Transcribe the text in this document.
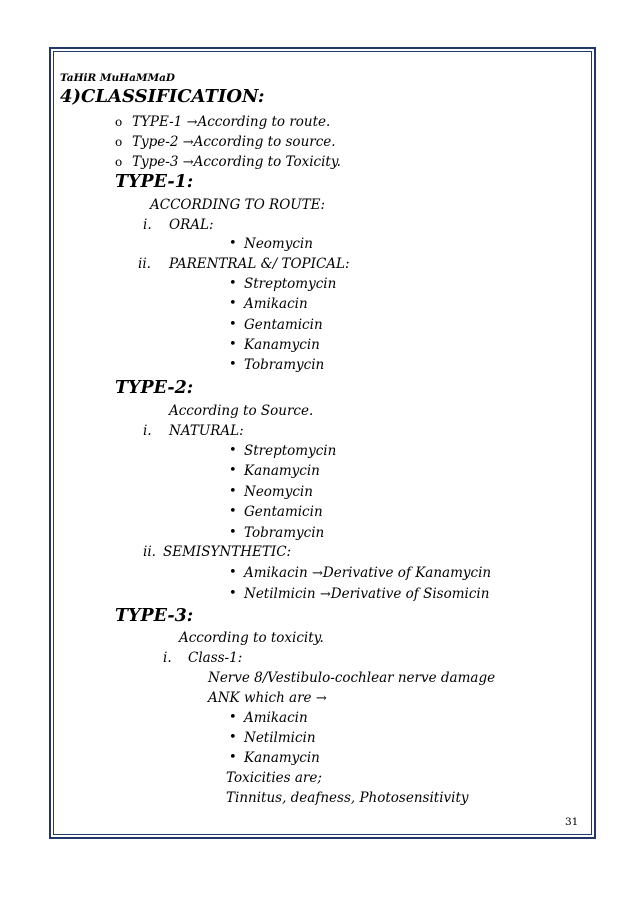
TaHiR MuHaMMaD
4)CLASSIFICATION:
o TYPE-1 →According to route.
o Type-2 →According to source.
o Type-3 →According to Toxicity.
TYPE-1:
ACCORDING TO ROUTE:
i. ORAL:
• Neomycin
ii. PARENTRAL &/ TOPICAL:
• Streptomycin
• Amikacin
• Gentamicin
• Kanamycin
• Tobramycin
TYPE-2:
According to Source.
i. NATURAL:
• Streptomycin
• Kanamycin
• Neomycin
• Gentamicin
• Tobramycin
ii. SEMISYNTHETIC:
• Amikacin →Derivative of Kanamycin
• Netilmicin →Derivative of Sisomicin
TYPE-3:
According to toxicity.
i. Class-1:
Nerve 8/Vestibulo-cochlear nerve damage
ANK which are →
• Amikacin
• Netilmicin
• Kanamycin
Toxicities are;
Tinnitus, deafness, Photosensitivity
31
